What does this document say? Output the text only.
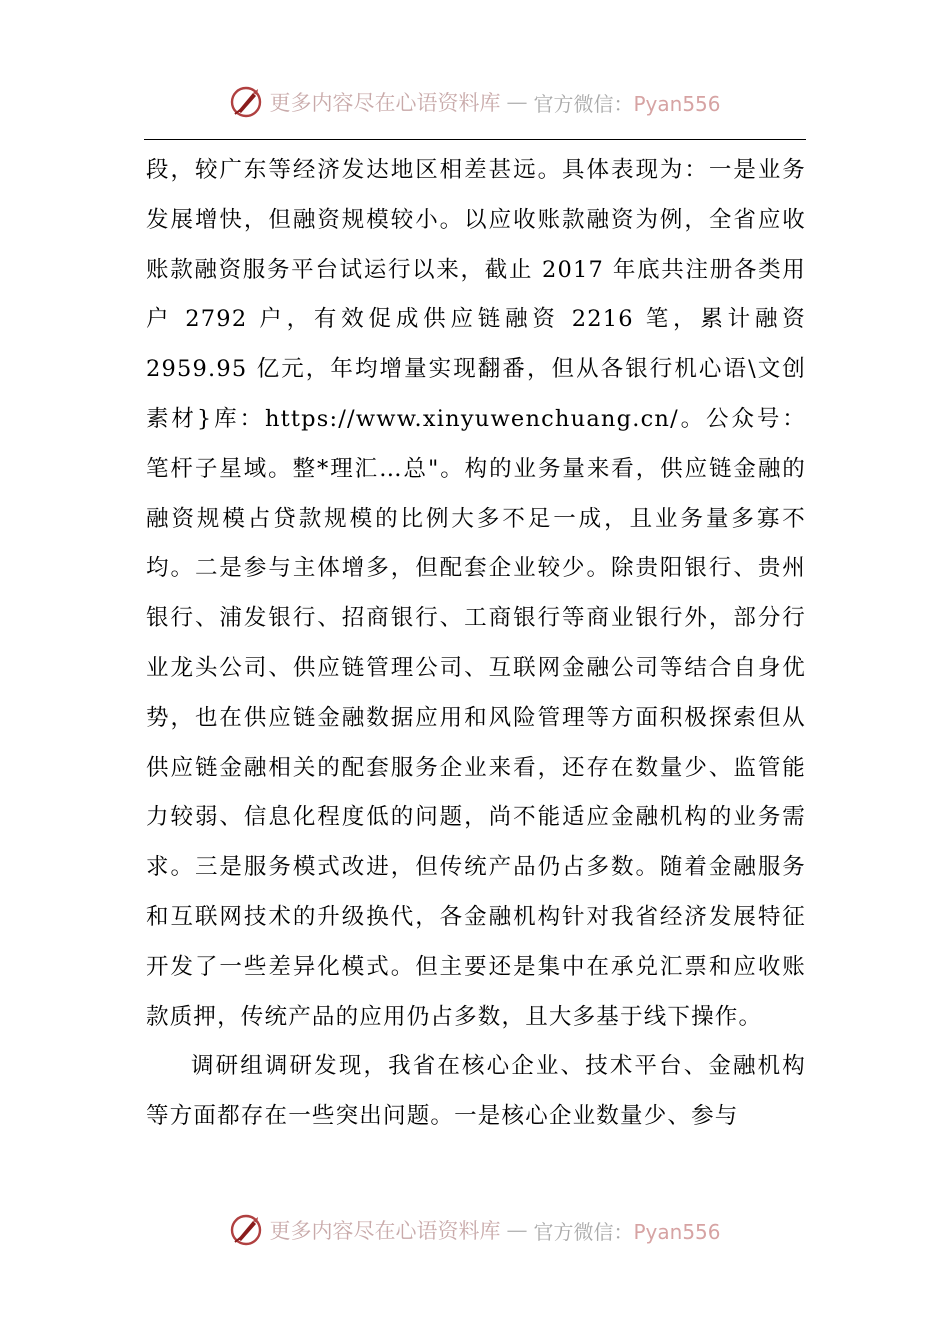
更多内容尽在心语资料库 — 官方微信：Pyan556

段，较广东等经济发达地区相差甚远。具体表现为：一是业务发展增快，但融资规模较小。以应收账款融资为例，全省应收账款融资服务平台试运行以来，截止 2017 年底共注册各类用户 2792 户，有效促成供应链融资 2216 笔，累计融资 2959.95 亿元，年均增量实现翻番，但从各银行机心语\文创素材}库：https://www.xinyuwenchuang.cn/。公众号：笔杆子星域。整*理汇…总"。构的业务量来看，供应链金融的融资规模占贷款规模的比例大多不足一成，且业务量多寡不均。二是参与主体增多，但配套企业较少。除贵阳银行、贵州银行、浦发银行、招商银行、工商银行等商业银行外，部分行业龙头公司、供应链管理公司、互联网金融公司等结合自身优势，也在供应链金融数据应用和风险管理等方面积极探索但从供应链金融相关的配套服务企业来看，还存在数量少、监管能力较弱、信息化程度低的问题，尚不能适应金融机构的业务需求。三是服务模式改进，但传统产品仍占多数。随着金融服务和互联网技术的升级换代，各金融机构针对我省经济发展特征开发了一些差异化模式。但主要还是集中在承兑汇票和应收账款质押，传统产品的应用仍占多数，且大多基于线下操作。

调研组调研发现，我省在核心企业、技术平台、金融机构等方面都存在一些突出问题。一是核心企业数量少、参与

更多内容尽在心语资料库 — 官方微信：Pyan556
